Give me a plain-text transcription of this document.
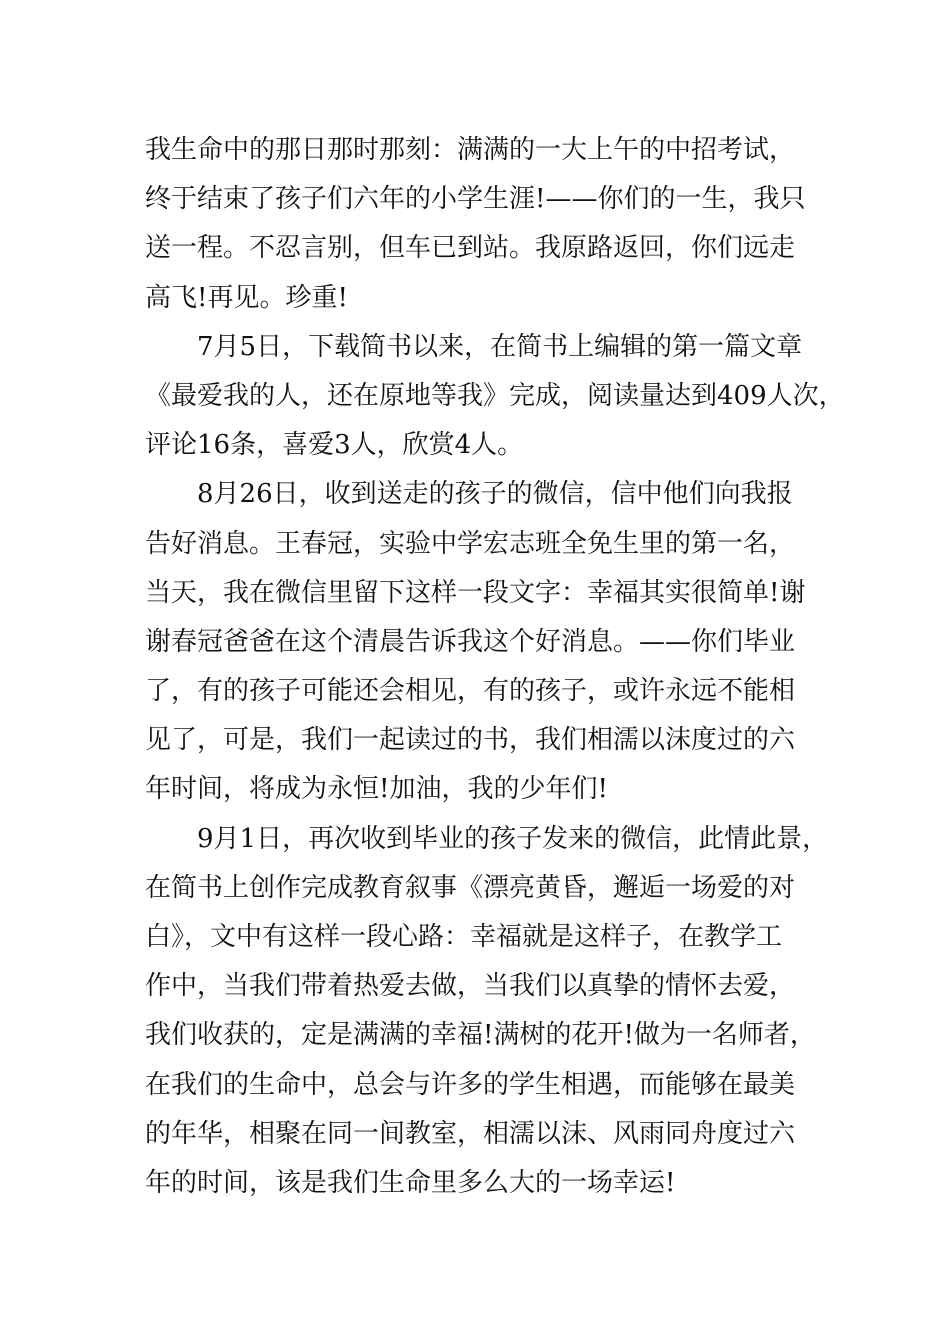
我生命中的那日那时那刻：满满的一大上午的中招考试，
终于结束了孩子们六年的小学生涯!——你们的一生，我只
送一程。不忍言别，但车已到站。我原路返回，你们远走
高飞!再见。珍重!
7月5日，下载简书以来，在简书上编辑的第一篇文章
《最爱我的人，还在原地等我》完成，阅读量达到409人次，
评论16条，喜爱3人，欣赏4人。
8月26日，收到送走的孩子的微信，信中他们向我报
告好消息。王春冠，实验中学宏志班全免生里的第一名，
当天，我在微信里留下这样一段文字：幸福其实很简单!谢
谢春冠爸爸在这个清晨告诉我这个好消息。——你们毕业
了，有的孩子可能还会相见，有的孩子，或许永远不能相
见了，可是，我们一起读过的书，我们相濡以沫度过的六
年时间，将成为永恒!加油，我的少年们!
9月1日，再次收到毕业的孩子发来的微信，此情此景，
在简书上创作完成教育叙事《漂亮黄昏，邂逅一场爱的对
白》，文中有这样一段心路：幸福就是这样子，在教学工
作中，当我们带着热爱去做，当我们以真挚的情怀去爱，
我们收获的，定是满满的幸福!满树的花开!做为一名师者，
在我们的生命中，总会与许多的学生相遇，而能够在最美
的年华，相聚在同一间教室，相濡以沫、风雨同舟度过六
年的时间，该是我们生命里多么大的一场幸运!
